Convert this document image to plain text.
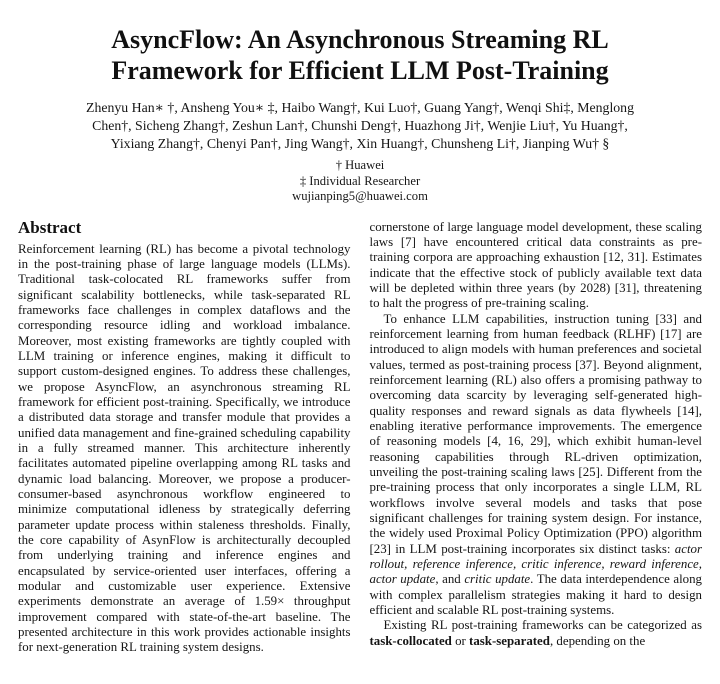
AsyncFlow: An Asynchronous Streaming RL
Framework for Efficient LLM Post-Training
Zhenyu Han∗ †, Ansheng You∗ ‡, Haibo Wang†, Kui Luo†, Guang Yang†, Wenqi Shi‡, Menglong
Chen†, Sicheng Zhang†, Zeshun Lan†, Chunshi Deng†, Huazhong Ji†, Wenjie Liu†, Yu Huang†,
Yixiang Zhang†, Chenyi Pan†, Jing Wang†, Xin Huang†, Chunsheng Li†, Jianping Wu† §
† Huawei
‡ Individual Researcher
wujianping5@huawei.com
Abstract

Reinforcement learning (RL) has become a pivotal technology in the post-training phase of large language models (LLMs). Traditional task-colocated RL frameworks suffer from significant scalability bottlenecks, while task-separated RL frameworks face challenges in complex dataflows and the corresponding resource idling and workload imbalance. Moreover, most existing frameworks are tightly coupled with LLM training or inference engines, making it difficult to support custom-designed engines. To address these challenges, we propose AsyncFlow, an asynchronous streaming RL framework for efficient post-training. Specifically, we introduce a distributed data storage and transfer module that provides a unified data management and fine-grained scheduling capability in a fully streamed manner. This architecture inherently facilitates automated pipeline overlapping among RL tasks and dynamic load balancing. Moreover, we propose a producer-consumer-based asynchronous workflow engineered to minimize computational idleness by strategically deferring parameter update process within staleness thresholds. Finally, the core capability of AsynFlow is architecturally decoupled from underlying training and inference engines and encapsulated by service-oriented user interfaces, offering a modular and customizable user experience. Extensive experiments demonstrate an average of 1.59× throughput improvement compared with state-of-the-art baseline. The presented architecture in this work provides actionable insights for next-generation RL training system designs.

cornerstone of large language model development, these scaling laws [7] have encountered critical data constraints as pre-training corpora are approaching exhaustion [12, 31]. Estimates indicate that the effective stock of publicly available text data will be depleted within three years (by 2028) [31], threatening to halt the progress of pre-training scaling.

To enhance LLM capabilities, instruction tuning [33] and reinforcement learning from human feedback (RLHF) [17] are introduced to align models with human preferences and societal values, termed as post-training process [37]. Beyond alignment, reinforcement learning (RL) also offers a promising pathway to overcoming data scarcity by leveraging self-generated high-quality responses and reward signals as data flywheels [14], enabling iterative performance improvements. The emergence of reasoning models [4, 16, 29], which exhibit human-level reasoning capabilities through RL-driven optimization, unveiling the post-training scaling laws [25]. Different from the pre-training process that only incorporates a single LLM, RL workflows involve several models and tasks that pose significant challenges for training system design. For instance, the widely used Proximal Policy Optimization (PPO) algorithm [23] in LLM post-training incorporates six distinct tasks: actor rollout, reference inference, critic inference, reward inference, actor update, and critic update. The data interdependence along with complex parallelism strategies making it hard to design efficient and scalable RL post-training systems.

Existing RL post-training frameworks can be categorized as task-collocated or task-separated, depending on the
